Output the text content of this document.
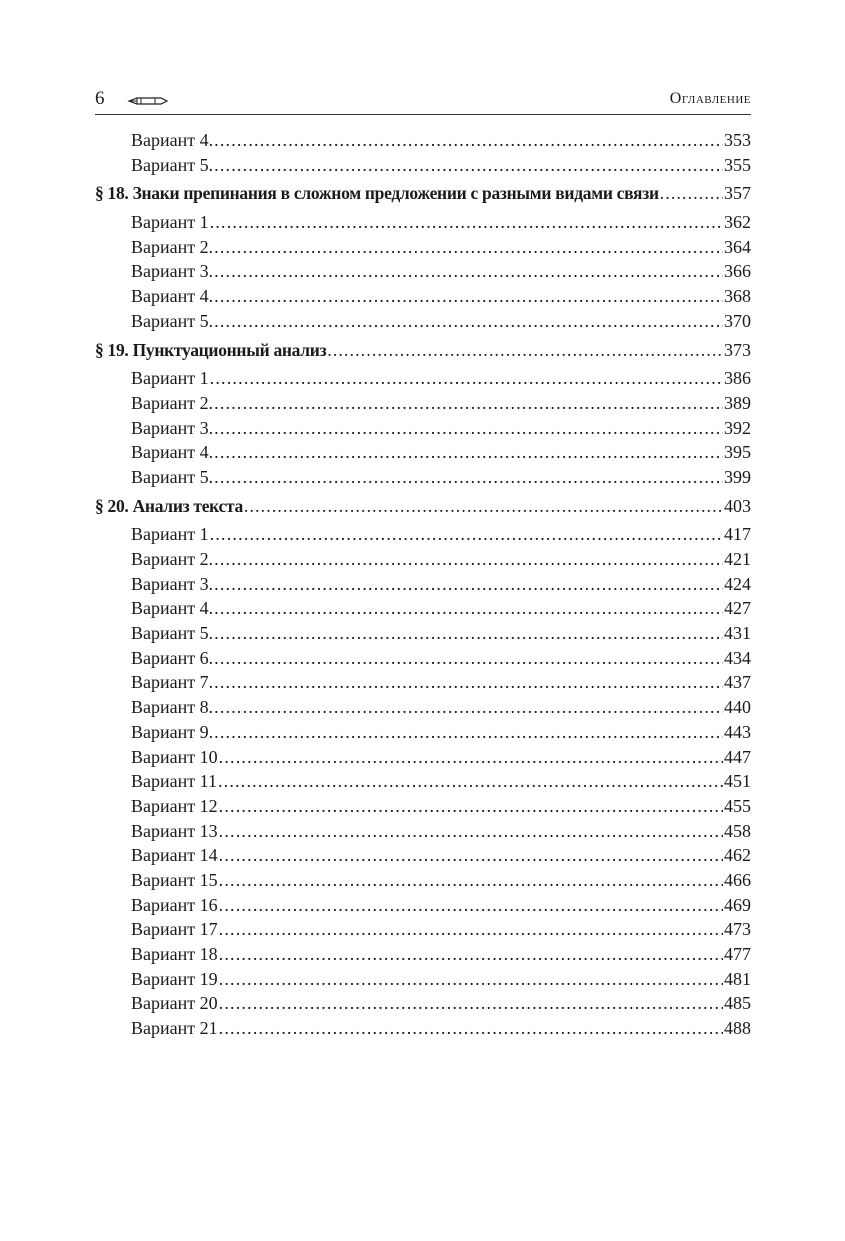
6	Оглавление
Вариант 4. .....	353
Вариант 5. .....	355
§ 18. Знаки препинания в сложном предложении с разными видами связи .....	357
Вариант 1 .....	362
Вариант 2. .....	364
Вариант 3. .....	366
Вариант 4. .....	368
Вариант 5. .....	370
§ 19. Пунктуационный анализ .....	373
Вариант 1 .....	386
Вариант 2. .....	389
Вариант 3. .....	392
Вариант 4. .....	395
Вариант 5. .....	399
§ 20. Анализ текста .....	403
Вариант 1 .....	417
Вариант 2. .....	421
Вариант 3. .....	424
Вариант 4. .....	427
Вариант 5. .....	431
Вариант 6. .....	434
Вариант 7. .....	437
Вариант 8. .....	440
Вариант 9. .....	443
Вариант 10 .....	447
Вариант 11 .....	451
Вариант 12 .....	455
Вариант 13 .....	458
Вариант 14 .....	462
Вариант 15 .....	466
Вариант 16 .....	469
Вариант 17 .....	473
Вариант 18 .....	477
Вариант 19 .....	481
Вариант 20 .....	485
Вариант 21 .....	488
